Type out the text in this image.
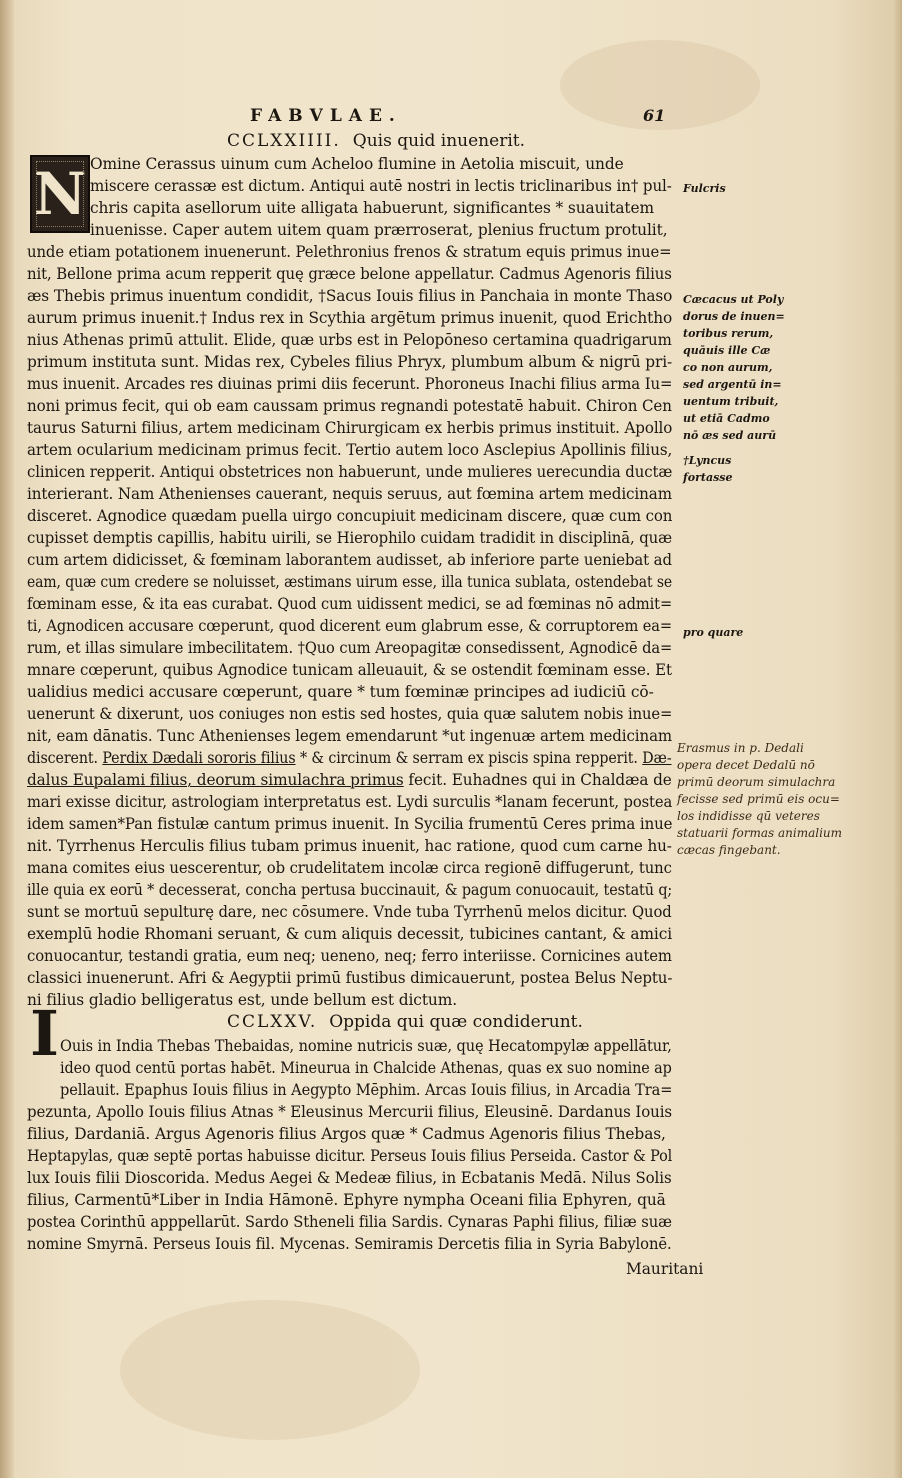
FABVLAE.	61
CCLXXIIII. Quis quid inuenerit.
N Omine Cerassus uinum cum Acheloo flumine in Aetolia miscuit, unde
miscere cerassæ est dictum. Antiqui autē nostri in lectis triclinaribus in† pul-
chris capita asellorum uite alligata habuerunt, significantes * suauitatem
inuenisse. Caper autem uitem quam prærroserat, plenius fructum protulit,
unde etiam potationem inuenerunt. Pelethronius frenos & stratum equis primus inue=
nit, Bellone prima acum repperit quę græce belone appellatur. Cadmus Agenoris filius
æs Thebis primus inuentum condidit, †Sacus Iouis filius in Panchaia in monte Thaso
aurum primus inuenit.† Indus rex in Scythia argētum primus inuenit, quod Erichtho
nius Athenas primū attulit. Elide, quæ urbs est in Pelopōneso certamina quadrigarum
primum instituta sunt. Midas rex, Cybeles filius Phryx, plumbum album & nigrū pri-
mus inuenit. Arcades res diuinas primi diis fecerunt. Phoroneus Inachi filius arma Iu=
noni primus fecit, qui ob eam caussam primus regnandi potestatē habuit. Chiron Cen
taurus Saturni filius, artem medicinam Chirurgicam ex herbis primus instituit. Apollo
artem ocularium medicinam primus fecit. Tertio autem loco Asclepius Apollinis filius,
clinicen repperit. Antiqui obstetrices non habuerunt, unde mulieres uerecundia ductæ
interierant. Nam Athenienses cauerant, nequis seruus, aut fœmina artem medicinam
disceret. Agnodice quædam puella uirgo concupiuit medicinam discere, quæ cum con
cupisset demptis capillis, habitu uirili, se Hierophilo cuidam tradidit in disciplinā, quæ
cum artem didicisset, & fœminam laborantem audisset, ab inferiore parte ueniebat ad
eam, quæ cum credere se noluisset, æstimans uirum esse, illa tunica sublata, ostendebat se
fœminam esse, & ita eas curabat. Quod cum uidissent medici, se ad fœminas nō admit=
ti, Agnodicen accusare cœperunt, quod dicerent eum glabrum esse, & corruptorem ea=
rum, et illas simulare imbecilitatem. †Quo cum Areopagitæ consedissent, Agnodicē da=
mnare cœperunt, quibus Agnodice tunicam alleuauit, & se ostendit fœminam esse. Et
ualidius medici accusare cœperunt, quare * tum fœminæ principes ad iudiciū cō-
uenerunt & dixerunt, uos coniuges non estis sed hostes, quia quæ salutem nobis inue=
nit, eam dānatis. Tunc Athenienses legem emendarunt *ut ingenuæ artem medicinam
discerent. Perdix Dædali sororis filius * & circinum & serram ex piscis spina repperit. Dæ-
dalus Eupalami filius, deorum simulachra primus fecit. Euhadnes qui in Chaldæa de
mari exisse dicitur, astrologiam interpretatus est. Lydi surculis *lanam fecerunt, postea
idem samen*Pan fistulæ cantum primus inuenit. In Sycilia frumentū Ceres prima inue
nit. Tyrrhenus Herculis filius tubam primus inuenit, hac ratione, quod cum carne hu-
mana comites eius uescerentur, ob crudelitatem incolæ circa regionē diffugerunt, tunc
ille quia ex eorū * decesserat, concha pertusa buccinauit, & pagum conuocauit, testatū q;
sunt se mortuū sepulturę dare, nec cōsumere. Vnde tuba Tyrrhenū melos dicitur. Quod
exemplū hodie Rhomani seruant, & cum aliquis decessit, tubicines cantant, & amici
conuocantur, testandi gratia, eum neq; ueneno, neq; ferro interiisse. Cornicines autem
classici inuenerunt. Afri & Aegyptii primū fustibus dimicauerunt, postea Belus Neptu-
ni filius gladio belligeratus est, unde bellum est dictum.
CCLXXV. Oppida qui quæ condiderunt.
I Ouis in India Thebas Thebaidas, nomine nutricis suæ, quę Hecatompylæ appellātur,
ideo quod centū portas habēt. Mineurua in Chalcide Athenas, quas ex suo nomine ap
pellauit. Epaphus Iouis filius in Aegypto Mēphim. Arcas Iouis filius, in Arcadia Tra=
pezunta, Apollo Iouis filius Atnas * Eleusinus Mercurii filius, Eleusinē. Dardanus Iouis
filius, Dardaniā. Argus Agenoris filius Argos quæ * Cadmus Agenoris filius Thebas,
Heptapylas, quæ septē portas habuisse dicitur. Perseus Iouis filius Perseida. Castor & Pol
lux Iouis filii Dioscorida. Medus Aegei & Medeæ filius, in Ecbatanis Medā. Nilus Solis
filius, Carmentū*Liber in India Hāmonē. Ephyre nympha Oceani filia Ephyren, quā
postea Corinthū apppellarūt. Sardo Stheneli filia Sardis. Cynaras Paphi filius, filiæ suæ
nomine Smyrnā. Perseus Iouis fil. Mycenas. Semiramis Dercetis filia in Syria Babylonē.
Mauritani
Fulcris
Cæcacus ut Poly
dorus de inuen=
toribus rerum,
quāuis ille Cæ
co non aurum,
sed argentū in=
uentum tribuit,
ut etiā Cadmo
nō æs sed aurū
†Lyncus
fortasse
pro quare
Erasmus in p. Dedali
opera decet Dedalū nō
primū deorum simulachra
fecisse sed primū eis ocu=
los indidisse qū veteres
statuarii formas animalium
cæcas fingebant.
